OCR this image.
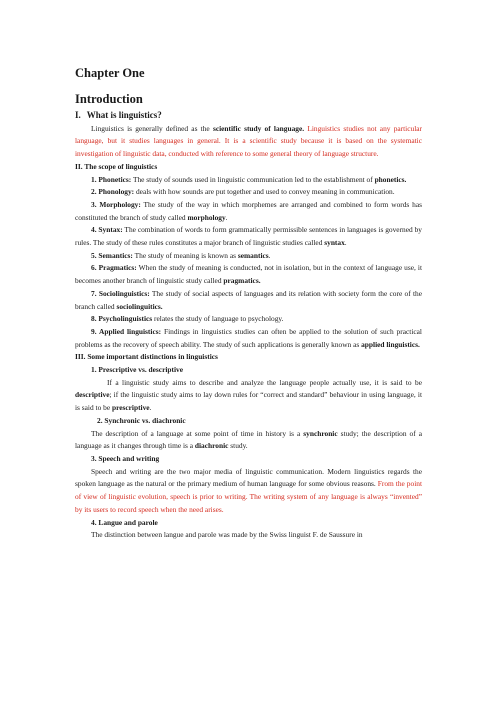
Chapter One
Introduction

I. What is linguistics?

Linguistics is generally defined as the scientific study of language. Linguistics studies not any particular language, but it studies languages in general. It is a scientific study because it is based on the systematic investigation of linguistic data, conducted with reference to some general theory of language structure.

II. The scope of linguistics

1. Phonetics: The study of sounds used in linguistic communication led to the establishment of phonetics.

2. Phonology: deals with how sounds are put together and used to convey meaning in communication.

3. Morphology: The study of the way in which morphemes are arranged and combined to form words has constituted the branch of study called morphology.

4. Syntax: The combination of words to form grammatically permissible sentences in languages is governed by rules. The study of these rules constitutes a major branch of linguistic studies called syntax.

5. Semantics: The study of meaning is known as semantics.

6. Pragmatics: When the study of meaning is conducted, not in isolation, but in the context of language use, it becomes another branch of linguistic study called pragmatics.

7. Sociolinguistics: The study of social aspects of languages and its relation with society form the core of the branch called sociolinguitics.

8. Psycholinguistics relates the study of language to psychology.

9. Applied linguistics: Findings in linguistics studies can often be applied to the solution of such practical problems as the recovery of speech ability. The study of such applications is generally known as applied linguistics.

III. Some important distinctions in linguistics

1. Prescriptive vs. descriptive

If a linguistic study aims to describe and analyze the language people actually use, it is said to be descriptive; if the linguistic study aims to lay down rules for “correct and standard” behaviour in using language, it is said to be prescriptive.

2. Synchronic vs. diachronic

The description of a language at some point of time in history is a synchronic study; the description of a language as it changes through time is a diachronic study.

3. Speech and writing

Speech and writing are the two major media of linguistic communication. Modern linguistics regards the spoken language as the natural or the primary medium of human language for some obvious reasons. From the point of view of linguistic evolution, speech is prior to writing. The writing system of any language is always “invented” by its users to record speech when the need arises.

4. Langue and parole

The distinction between langue and parole was made by the Swiss linguist F. de Saussure in
